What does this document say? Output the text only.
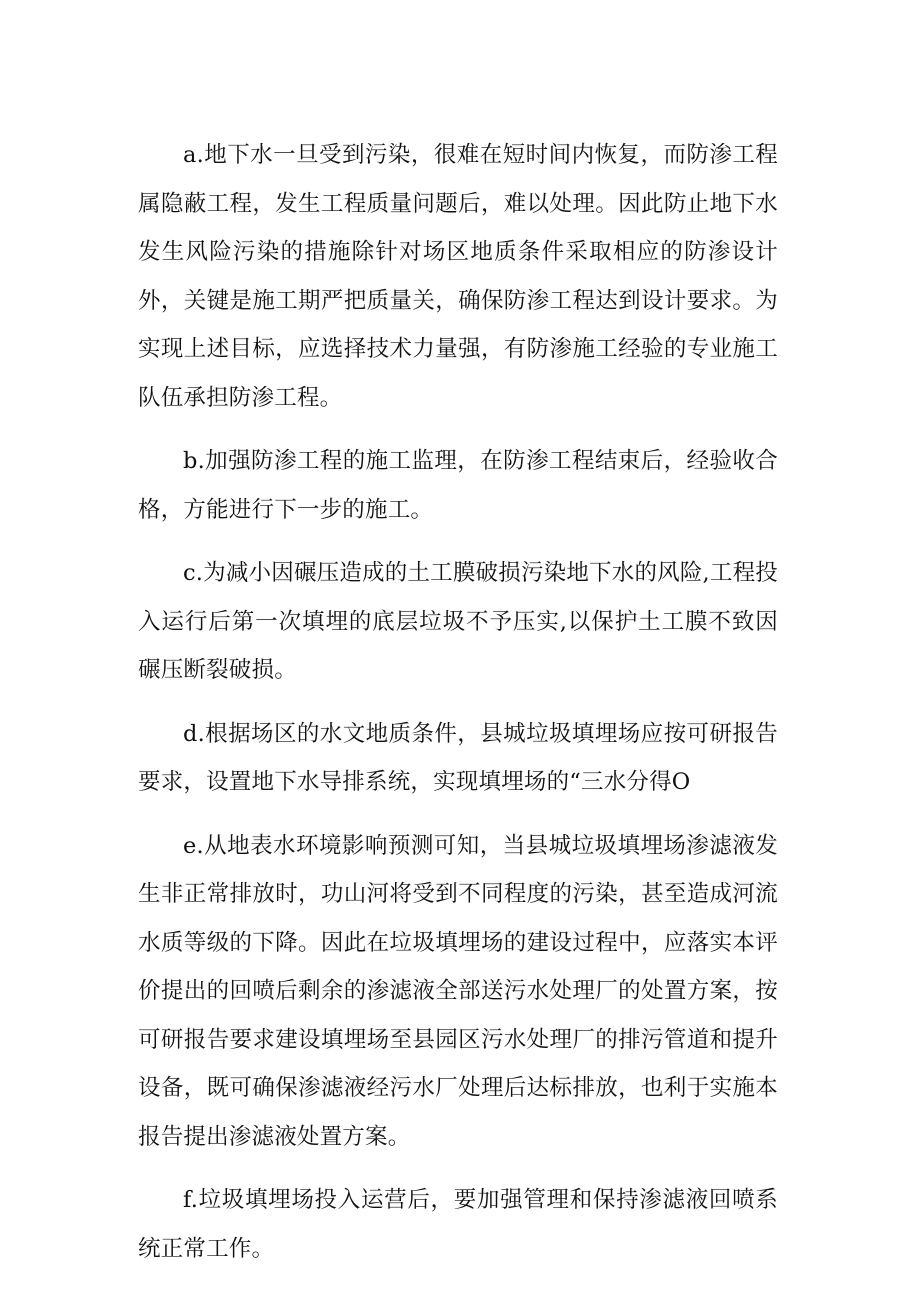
a.地下水一旦受到污染，很难在短时间内恢复，而防渗工程属隐蔽工程，发生工程质量问题后，难以处理。因此防止地下水发生风险污染的措施除针对场区地质条件采取相应的防渗设计外，关键是施工期严把质量关，确保防渗工程达到设计要求。为实现上述目标，应选择技术力量强，有防渗施工经验的专业施工队伍承担防渗工程。

b.加强防渗工程的施工监理，在防渗工程结束后，经验收合格，方能进行下一步的施工。

c.为减小因碾压造成的土工膜破损污染地下水的风险,工程投入运行后第一次填埋的底层垃圾不予压实,以保护土工膜不致因碾压断裂破损。

d.根据场区的水文地质条件，县城垃圾填埋场应按可研报告要求，设置地下水导排系统，实现填埋场的“三水分得O

e.从地表水环境影响预测可知，当县城垃圾填埋场渗滤液发生非正常排放时，功山河将受到不同程度的污染，甚至造成河流水质等级的下降。因此在垃圾填埋场的建设过程中，应落实本评价提出的回喷后剩余的渗滤液全部送污水处理厂的处置方案，按可研报告要求建设填埋场至县园区污水处理厂的排污管道和提升设备，既可确保渗滤液经污水厂处理后达标排放，也利于实施本报告提出渗滤液处置方案。

f.垃圾填埋场投入运营后，要加强管理和保持渗滤液回喷系统正常工作。
